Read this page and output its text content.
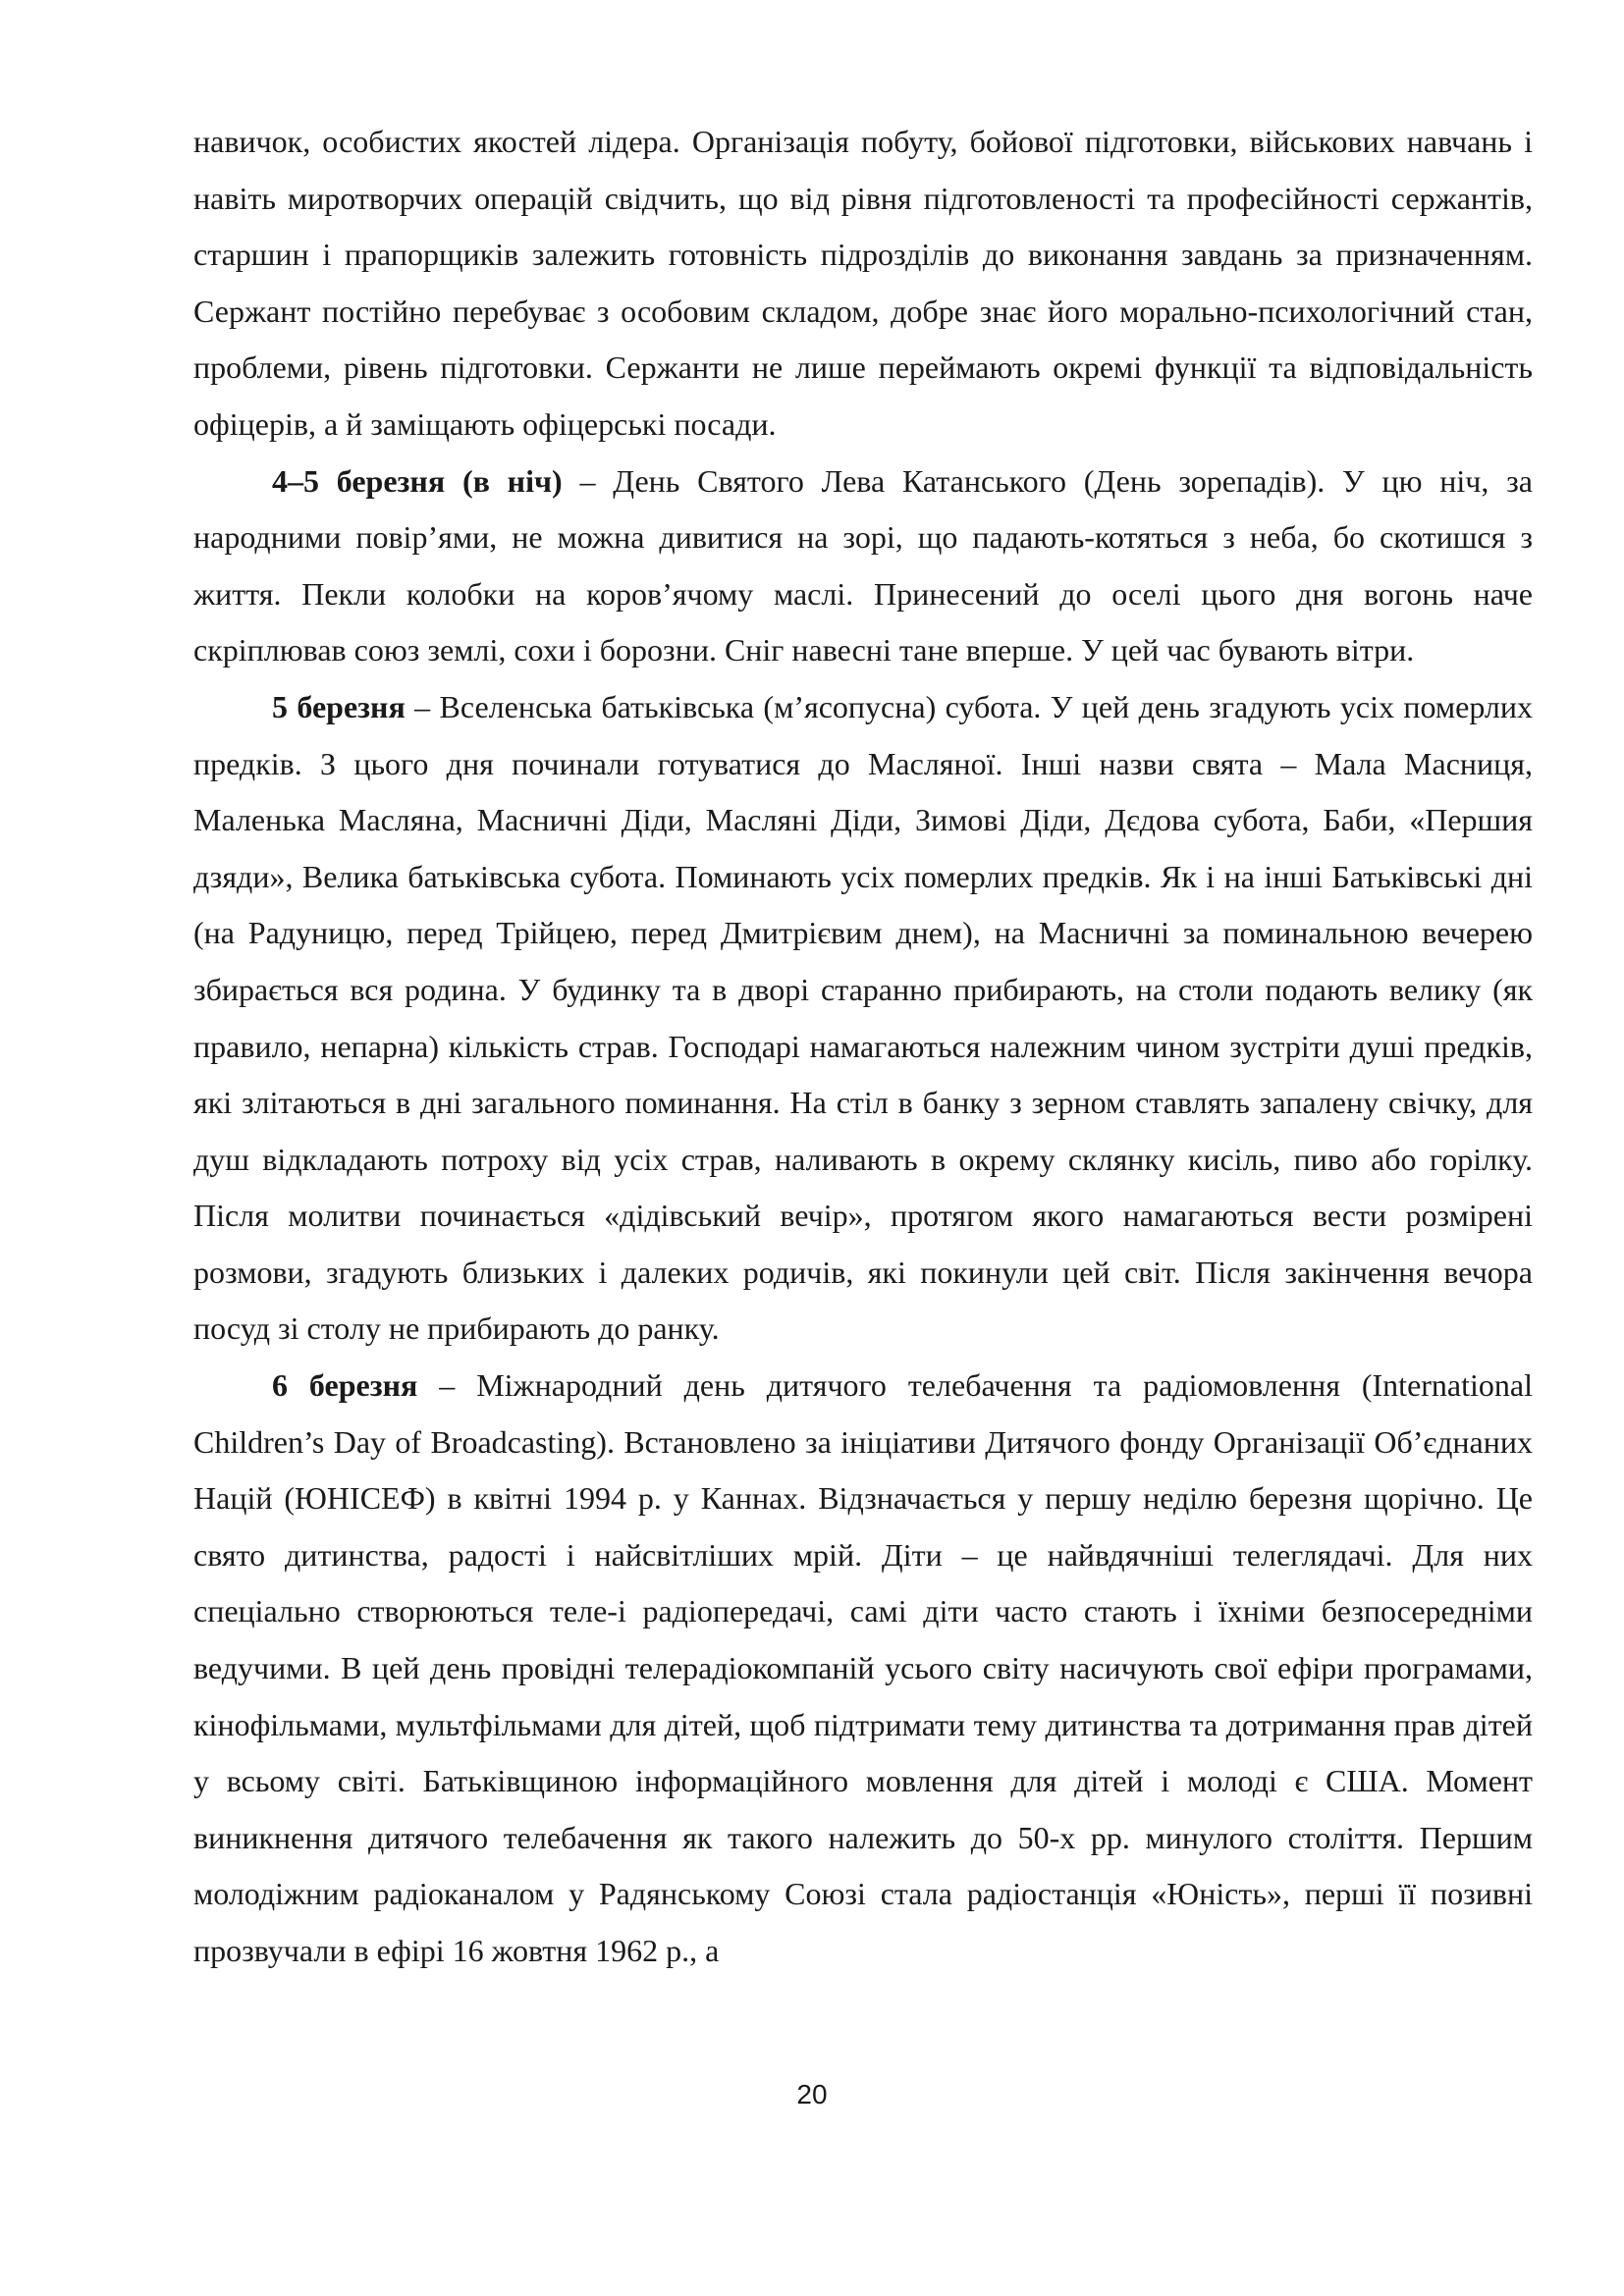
навичок, особистих якостей лідера. Організація побуту, бойової підготовки, військових навчань і навіть миротворчих операцій свідчить, що від рівня підготовленості та професійності сержантів, старшин і прапорщиків залежить готовність підрозділів до виконання завдань за призначенням. Сержант постійно перебуває з особовим складом, добре знає його морально-психологічний стан, проблеми, рівень підготовки. Сержанти не лише переймають окремі функції та відповідальність офіцерів, а й заміщають офіцерські посади.

4–5 березня (в ніч) – День Святого Лева Катанського (День зорепадів). У цю ніч, за народними повір’ями, не можна дивитися на зорі, що падають-котяться з неба, бо скотишся з життя. Пекли колобки на коров’ячому маслі. Принесений до оселі цього дня вогонь наче скріплював союз землі, сохи і борозни. Сніг навесні тане вперше. У цей час бувають вітри.

5 березня – Вселенська батьківська (м’ясопусна) субота. У цей день згадують усіх померлих предків. З цього дня починали готуватися до Масляної. Інші назви свята – Мала Масниця, Маленька Масляна, Масничні Діди, Масляні Діди, Зимові Діди, Дєдова субота, Баби, «Першия дзяди», Велика батьківська субота. Поминають усіх померлих предків. Як і на інші Батьківські дні (на Радуницю, перед Трійцею, перед Дмитрієвим днем), на Масничні за поминальною вечерею збирається вся родина. У будинку та в дворі старанно прибирають, на столи подають велику (як правило, непарна) кількість страв. Господарі намагаються належним чином зустріти душі предків, які злітаються в дні загального поминання. На стіл в банку з зерном ставлять запалену свічку, для душ відкладають потроху від усіх страв, наливають в окрему склянку кисіль, пиво або горілку. Після молитви починається «дідівський вечір», протягом якого намагаються вести розмірені розмови, згадують близьких і далеких родичів, які покинули цей світ. Після закінчення вечора посуд зі столу не прибирають до ранку.

6 березня – Міжнародний день дитячого телебачення та радіомовлення (International Children’s Day of Broadcasting). Встановлено за ініціативи Дитячого фонду Організації Об’єднаних Націй (ЮНІСЕФ) в квітні 1994 р. у Каннах. Відзначається у першу неділю березня щорічно. Це свято дитинства, радості і найсвітліших мрій. Діти – це найвдячніші телеглядачі. Для них спеціально створюються теле-і радіопередачі, самі діти часто стають і їхніми безпосередніми ведучими. В цей день провідні телерадіокомпаній усього світу насичують свої ефіри програмами, кінофільмами, мультфільмами для дітей, щоб підтримати тему дитинства та дотримання прав дітей у всьому світі. Батьківщиною інформаційного мовлення для дітей і молоді є США. Момент виникнення дитячого телебачення як такого належить до 50-х рр. минулого століття. Першим молодіжним радіоканалом у Радянському Союзі стала радіостанція «Юність», перші її позивні прозвучали в ефірі 16 жовтня 1962 р., а

20
